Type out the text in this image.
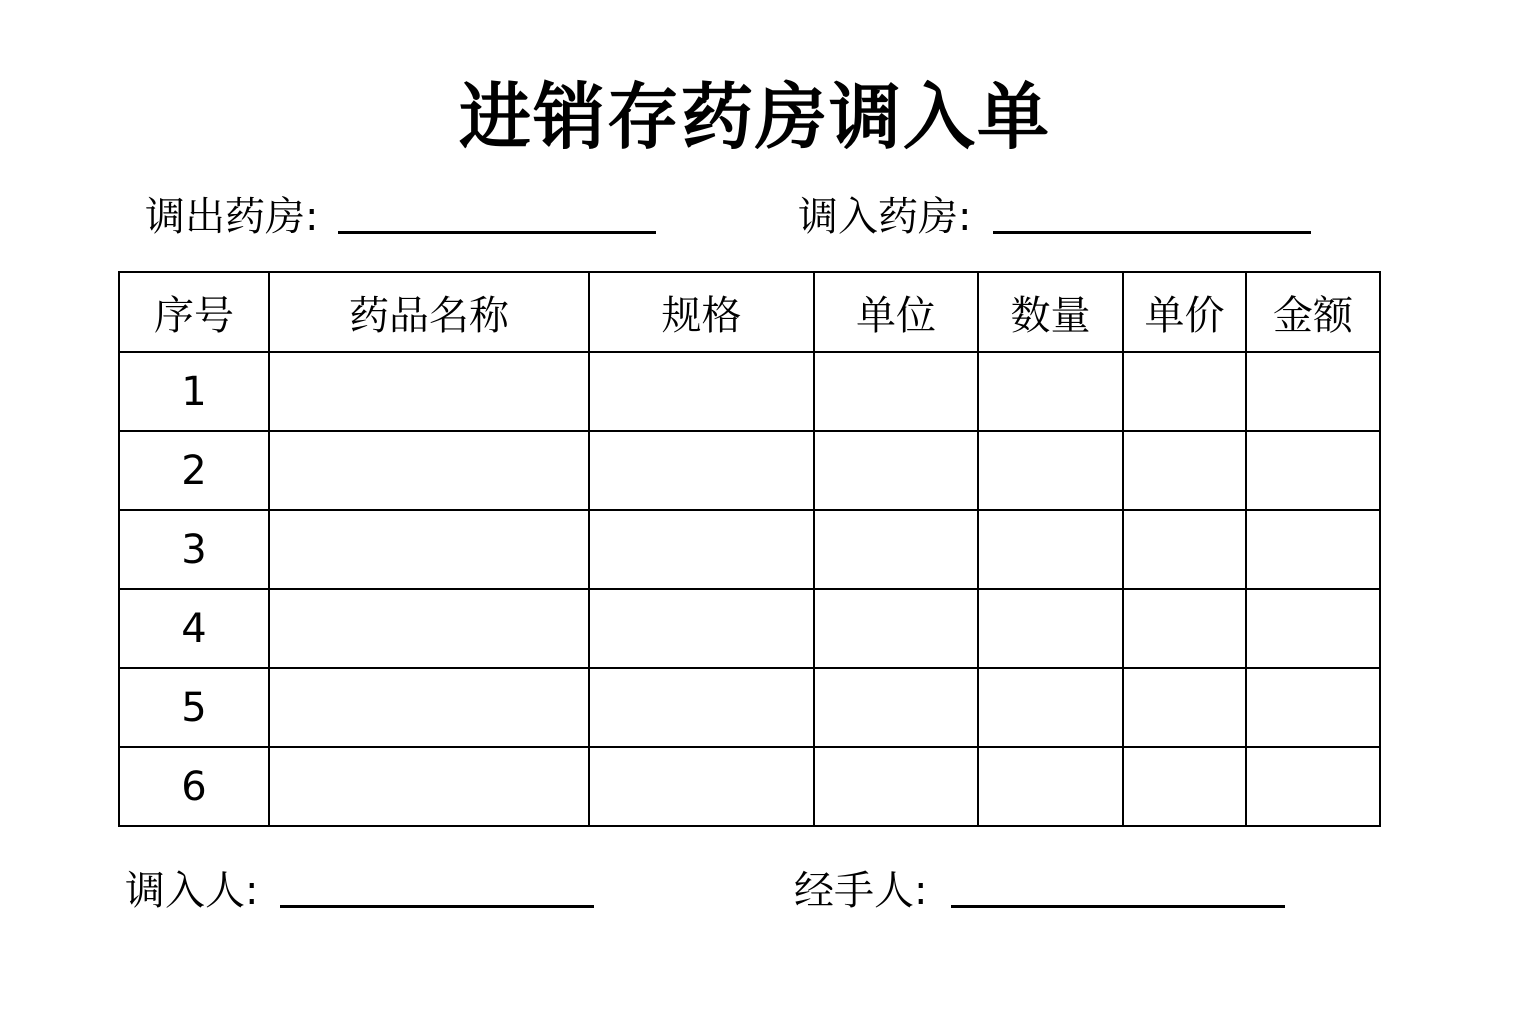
进销存药房调入单
调出药房:	调入药房:
序号	药品名称	规格	单位	数量	单价	金额
1						
2						
3						
4						
5						
6						
调入人:	经手人:
